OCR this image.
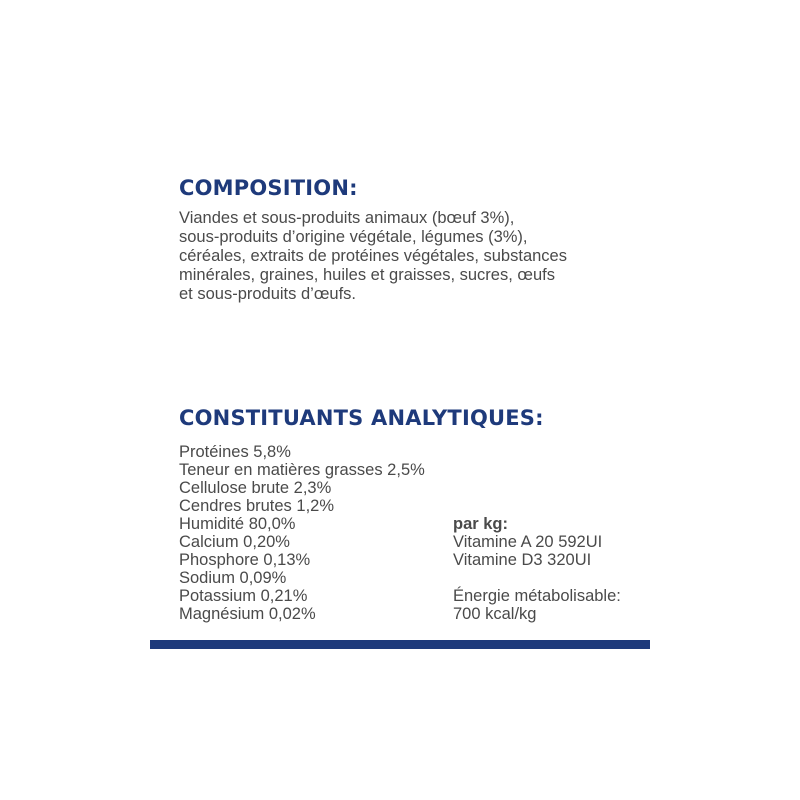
COMPOSITION:

Viandes et sous-produits animaux (bœuf 3%),
sous-produits d’origine végétale, légumes (3%),
céréales, extraits de protéines végétales, substances
minérales, graines, huiles et graisses, sucres, œufs
et sous-produits d’œufs.

CONSTITUANTS ANALYTIQUES:
Protéines 5,8%
Teneur en matières grasses 2,5%
Cellulose brute 2,3%
Cendres brutes 1,2%
Humidité 80,0%
Calcium 0,20%
Phosphore 0,13%
Sodium 0,09%
Potassium 0,21%
Magnésium 0,02%
par kg:
Vitamine A 20 592UI
Vitamine D3 320UI
Énergie métabolisable:
700 kcal/kg
